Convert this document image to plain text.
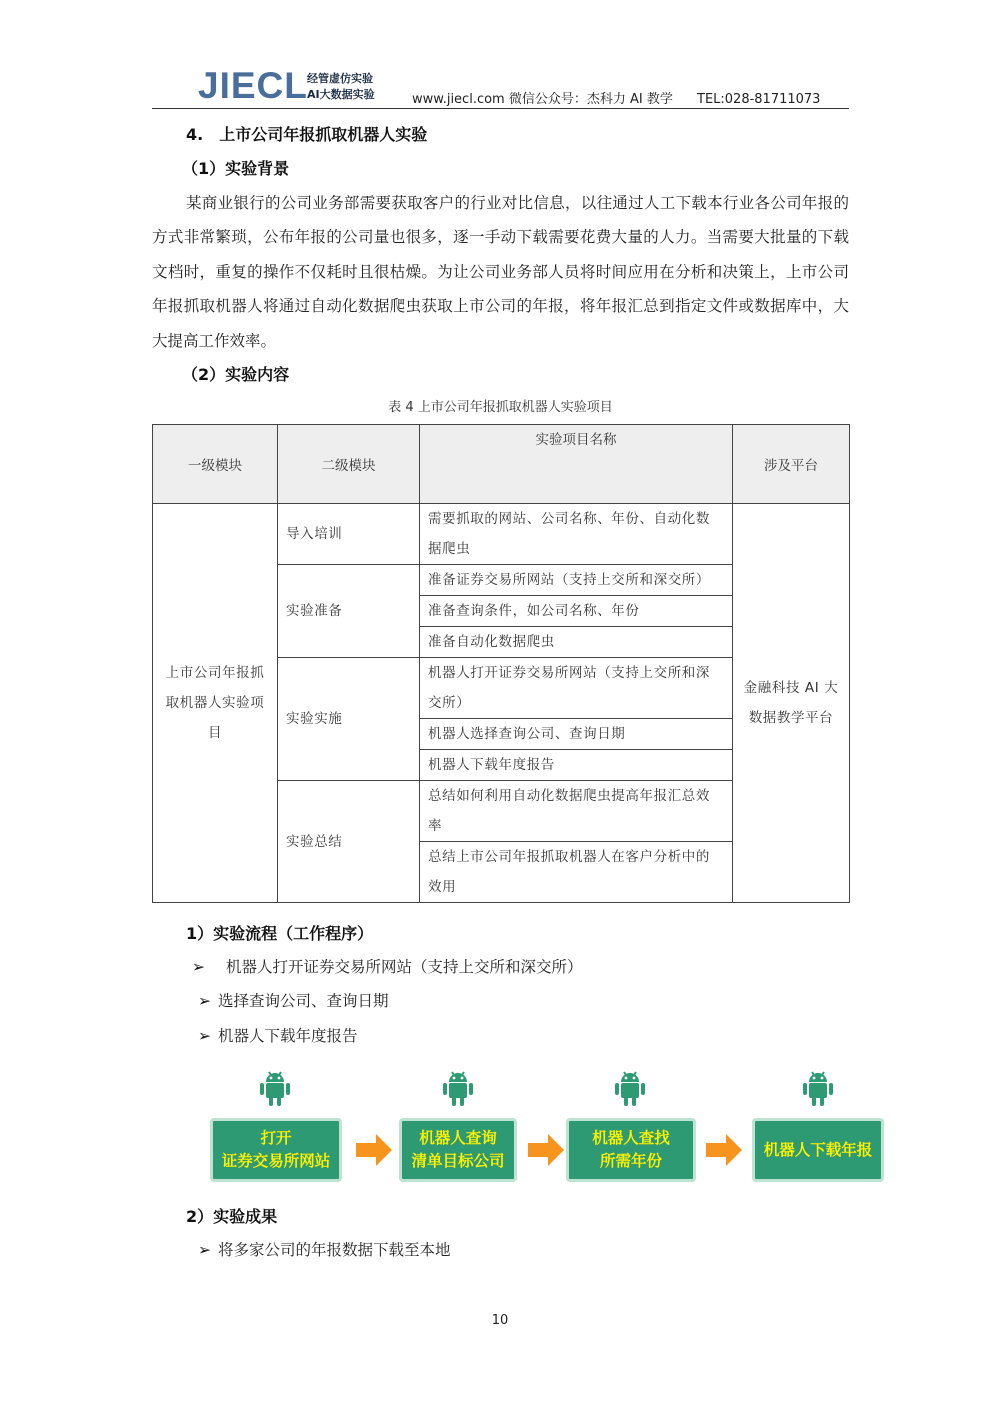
JIECL 经管虚仿实验
AI大数据实验	www.jiecl.com 微信公众号：杰科力 AI 教学 TEL:028-81711073
4.　上市公司年报抓取机器人实验
（1）实验背景

某商业银行的公司业务部需要获取客户的行业对比信息，以往通过人工下载本行业各公司年报的方式非常繁琐，公布年报的公司量也很多，逐一手动下载需要花费大量的人力。当需要大批量的下载文档时，重复的操作不仅耗时且很枯燥。为让公司业务部人员将时间应用在分析和决策上，上市公司年报抓取机器人将通过自动化数据爬虫获取上市公司的年报，将年报汇总到指定文件或数据库中，大大提高工作效率。

（2）实验内容
表 4 上市公司年报抓取机器人实验项目
一级模块	二级模块	实验项目名称	涉及平台
上市公司年报抓取机器人实验项目	导入培训	需要抓取的网站、公司名称、年份、自动化数据爬虫	金融科技 AI 大数据教学平台
	实验准备	准备证券交易所网站（支持上交所和深交所）	
		准备查询条件，如公司名称、年份	
		准备自动化数据爬虫	
	实验实施	机器人打开证券交易所网站（支持上交所和深交所）	
		机器人选择查询公司、查询日期	
		机器人下载年度报告	
	实验总结	总结如何利用自动化数据爬虫提高年报汇总效率	
		总结上市公司年报抓取机器人在客户分析中的效用	
1）实验流程（工作程序）
➢ 机器人打开证券交易所网站（支持上交所和深交所）
➢ 选择查询公司、查询日期
➢ 机器人下载年度报告
打开
证券交易所网站
机器人查询
清单目标公司
机器人查找
所需年份
机器人下载年报
2）实验成果
➢ 将多家公司的年报数据下载至本地
10
